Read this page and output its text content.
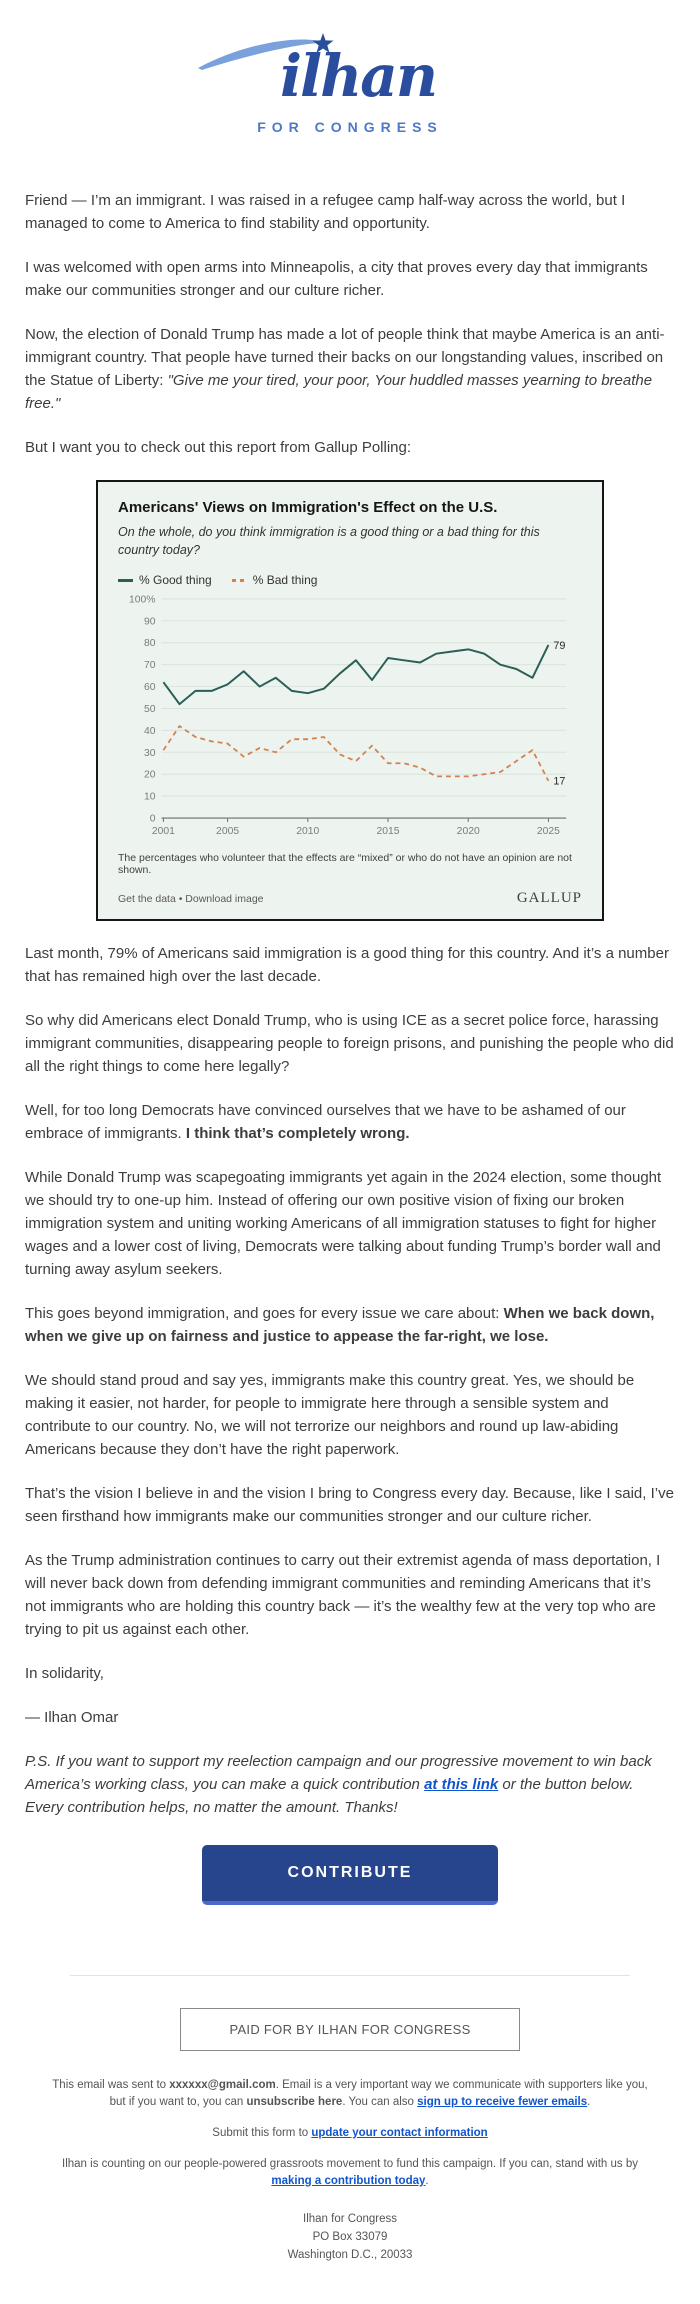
ilhan
FOR CONGRESS

Friend — I’m an immigrant. I was raised in a refugee camp half-way across the world, but I managed to come to America to find stability and opportunity.

I was welcomed with open arms into Minneapolis, a city that proves every day that immigrants make our communities stronger and our culture richer.

Now, the election of Donald Trump has made a lot of people think that maybe America is an anti-immigrant country. That people have turned their backs on our longstanding values, inscribed on the Statue of Liberty: "Give me your tired, your poor, Your huddled masses yearning to breathe free."

But I want you to check out this report from Gallup Polling:

Americans' Views on Immigration's Effect on the U.S.
On the whole, do you think immigration is a good thing or a bad thing for this country today?
% Good thing	% Bad thing
0
10
20
30
40
50
60
70
80
90
100%
2001	2005	2010	2015	2020	2025
79
17
The percentages who volunteer that the effects are “mixed” or who do not have an opinion are not shown.
Get the data • Download image	GALLUP

Last month, 79% of Americans said immigration is a good thing for this country. And it’s a number that has remained high over the last decade.

So why did Americans elect Donald Trump, who is using ICE as a secret police force, harassing immigrant communities, disappearing people to foreign prisons, and punishing the people who did all the right things to come here legally?

Well, for too long Democrats have convinced ourselves that we have to be ashamed of our embrace of immigrants. I think that’s completely wrong.

While Donald Trump was scapegoating immigrants yet again in the 2024 election, some thought we should try to one-up him. Instead of offering our own positive vision of fixing our broken immigration system and uniting working Americans of all immigration statuses to fight for higher wages and a lower cost of living, Democrats were talking about funding Trump’s border wall and turning away asylum seekers.

This goes beyond immigration, and goes for every issue we care about: When we back down, when we give up on fairness and justice to appease the far-right, we lose.

We should stand proud and say yes, immigrants make this country great. Yes, we should be making it easier, not harder, for people to immigrate here through a sensible system and contribute to our country. No, we will not terrorize our neighbors and round up law-abiding Americans because they don’t have the right paperwork.

That’s the vision I believe in and the vision I bring to Congress every day. Because, like I said, I’ve seen firsthand how immigrants make our communities stronger and our culture richer.

As the Trump administration continues to carry out their extremist agenda of mass deportation, I will never back down from defending immigrant communities and reminding Americans that it’s not immigrants who are holding this country back — it’s the wealthy few at the very top who are trying to pit us against each other.

In solidarity,

— Ilhan Omar

P.S. If you want to support my reelection campaign and our progressive movement to win back America’s working class, you can make a quick contribution at this link or the button below. Every contribution helps, no matter the amount. Thanks!

CONTRIBUTE
PAID FOR BY ILHAN FOR CONGRESS
This email was sent to xxxxxx@gmail.com. Email is a very important way we communicate with supporters like you, but if you want to, you can unsubscribe here. You can also sign up to receive fewer emails.
Submit this form to update your contact information
Ilhan is counting on our people-powered grassroots movement to fund this campaign. If you can, stand with us by making a contribution today.
Ilhan for Congress
PO Box 33079
Washington D.C., 20033
